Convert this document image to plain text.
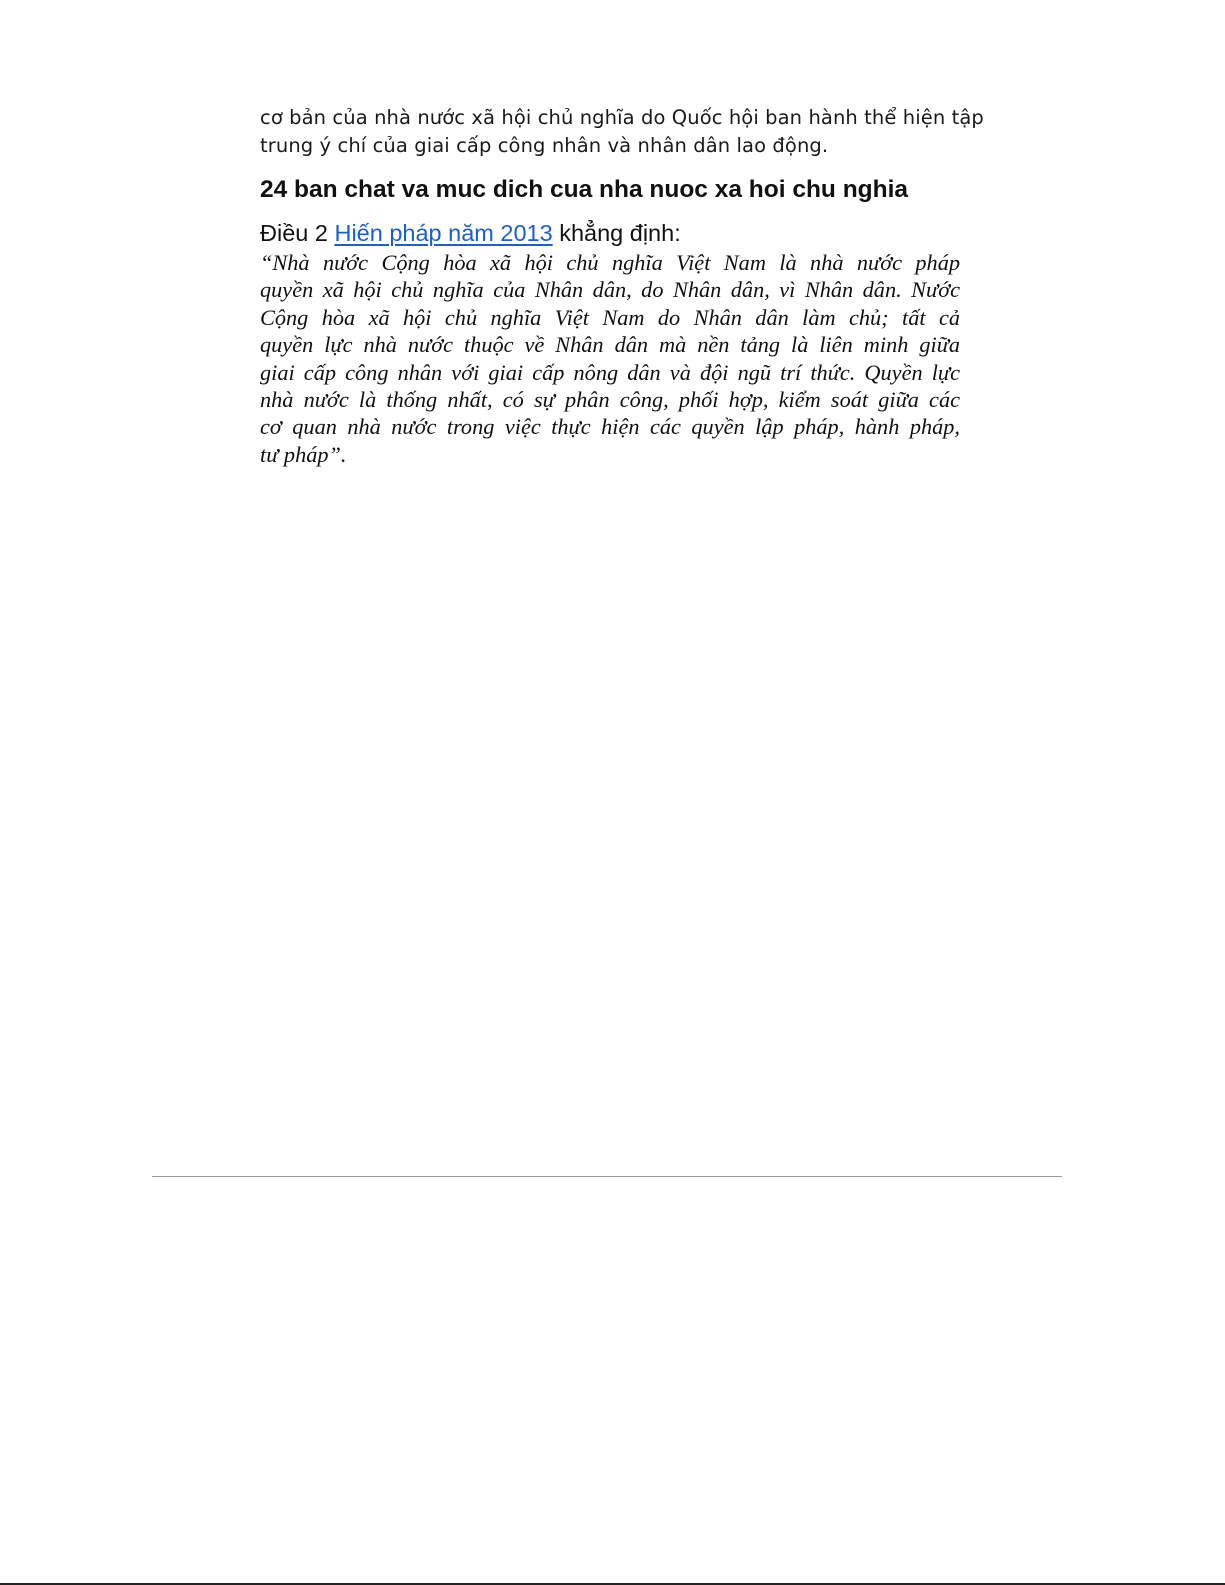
cơ bản của nhà nước xã hội chủ nghĩa do Quốc hội ban hành thể hiện tập
trung ý chí của giai cấp công nhân và nhân dân lao động.

24 ban chat va muc dich cua nha nuoc xa hoi chu nghia

Điều 2 Hiến pháp năm 2013 khẳng định:

“Nhà nước Cộng hòa xã hội chủ nghĩa Việt Nam là nhà nước pháp
quyền xã hội chủ nghĩa của Nhân dân, do Nhân dân, vì Nhân dân. Nước
Cộng hòa xã hội chủ nghĩa Việt Nam do Nhân dân làm chủ; tất cả
quyền lực nhà nước thuộc về Nhân dân mà nền tảng là liên minh giữa
giai cấp công nhân với giai cấp nông dân và đội ngũ trí thức. Quyền lực
nhà nước là thống nhất, có sự phân công, phối hợp, kiểm soát giữa các
cơ quan nhà nước trong việc thực hiện các quyền lập pháp, hành pháp,
tư pháp”.
